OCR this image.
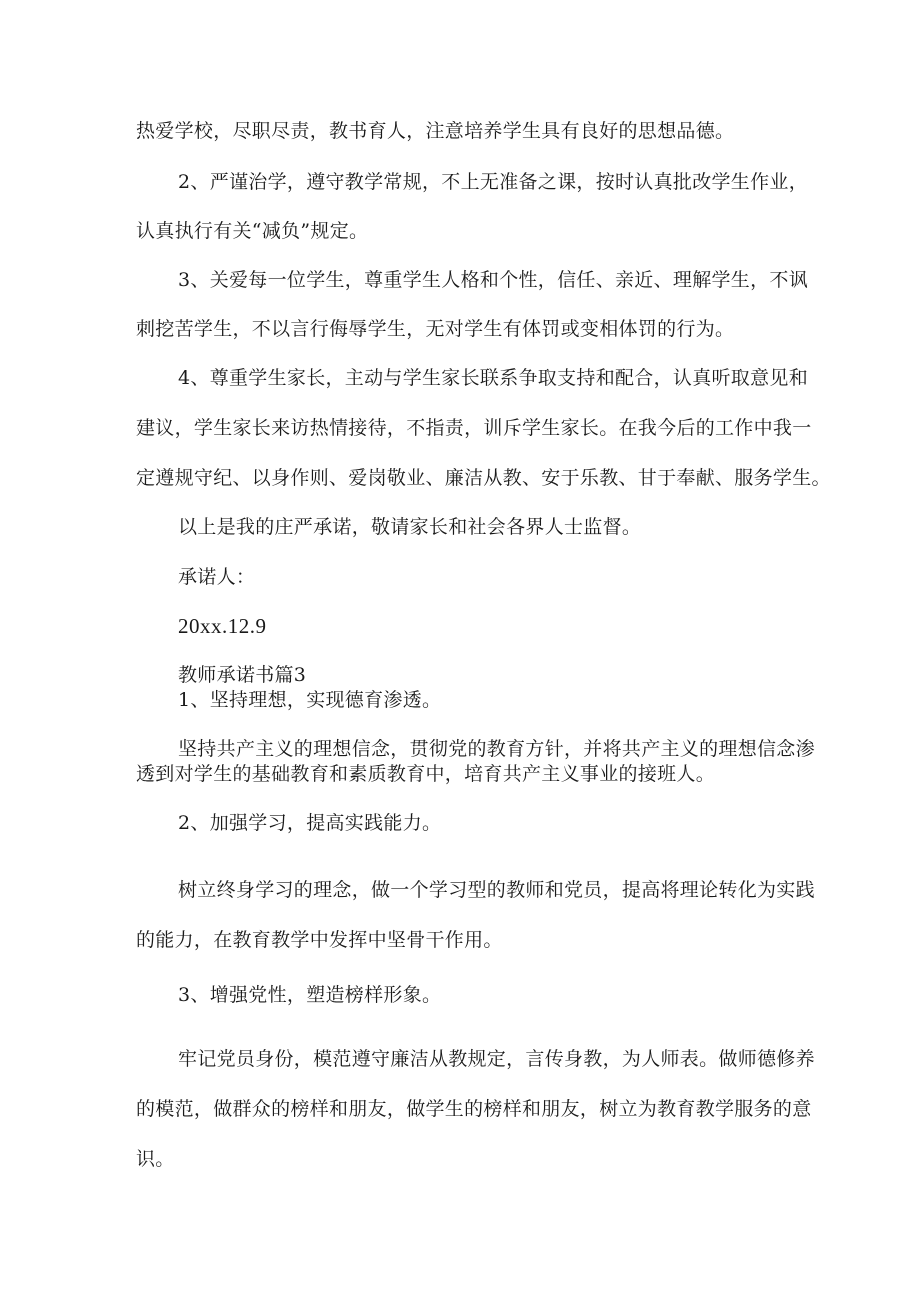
热爱学校，尽职尽责，教书育人，注意培养学生具有良好的思想品德。

2、严谨治学，遵守教学常规，不上无准备之课，按时认真批改学生作业，

认真执行有关“减负”规定。

3、关爱每一位学生，尊重学生人格和个性，信任、亲近、理解学生，不讽

刺挖苦学生，不以言行侮辱学生，无对学生有体罚或变相体罚的行为。

4、尊重学生家长，主动与学生家长联系争取支持和配合，认真听取意见和

建议，学生家长来访热情接待，不指责，训斥学生家长。在我今后的工作中我一

定遵规守纪、以身作则、爱岗敬业、廉洁从教、安于乐教、甘于奉献、服务学生。

以上是我的庄严承诺，敬请家长和社会各界人士监督。

承诺人：

20xx.12.9

教师承诺书篇3

1、坚持理想，实现德育渗透。

坚持共产主义的理想信念，贯彻党的教育方针，并将共产主义的理想信念渗

透到对学生的基础教育和素质教育中，培育共产主义事业的接班人。

2、加强学习，提高实践能力。

树立终身学习的理念，做一个学习型的教师和党员，提高将理论转化为实践

的能力，在教育教学中发挥中坚骨干作用。

3、增强党性，塑造榜样形象。

牢记党员身份，模范遵守廉洁从教规定，言传身教，为人师表。做师德修养

的模范，做群众的榜样和朋友，做学生的榜样和朋友，树立为教育教学服务的意

识。
